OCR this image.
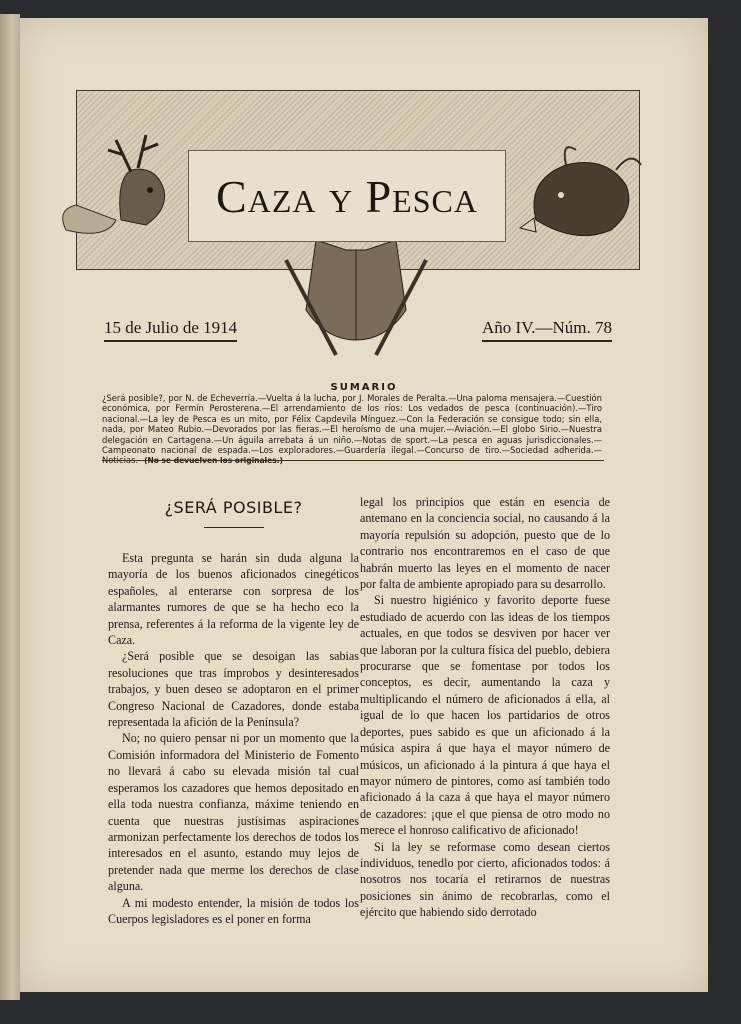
Caza y Pesca
15 de Julio de 1914	Año IV.—Núm. 78
SUMARIO
¿Será posible?, por N. de Echeverría.—Vuelta á la lucha, por J. Morales de Peralta.—Una paloma mensajera.—Cuestión económica, por Fermín Perosterena.—El arrendamiento de los ríos: Los vedados de pesca (continuación).—Tiro nacional.—La ley de Pesca es un mito, por Félix Capdevila Mínguez.—Con la Federación se consigue todo; sin ella, nada, por Mateo Rubio.—Devorados por las fieras.—El heroísmo de una mujer.—Aviación.—El globo Sirio.—Nuestra delegación en Cartagena.—Un águila arrebata á un niño.—Notas de sport.—La pesca en aguas jurisdiccionales.—Campeonato nacional de espada.—Los exploradores.—Guardería ilegal.—Concurso de tiro.—Sociedad adherida.—Noticias. (No se devuelven los originales.)
¿SERÁ POSIBLE?

Esta pregunta se harán sin duda alguna la mayoría de los buenos aficionados cinegéticos españoles, al enterarse con sorpresa de los alarmantes rumores de que se ha hecho eco la prensa, referentes á la reforma de la vigente ley de Caza.

¿Será posible que se desoigan las sabias resoluciones que tras ímprobos y desinteresados trabajos, y buen deseo se adoptaron en el primer Congreso Nacional de Cazadores, donde estaba representada la afición de la Península?

No; no quiero pensar ni por un momento que la Comisión informadora del Ministerio de Fomento no llevará á cabo su elevada misión tal cual esperamos los cazadores que hemos depositado en ella toda nuestra confianza, máxime teniendo en cuenta que nuestras justísimas aspiraciones armonizan perfectamente los derechos de todos los interesados en el asunto, estando muy lejos de pretender nada que merme los derechos de clase alguna.

A mi modesto entender, la misión de todos los Cuerpos legisladores es el poner en forma

legal los principios que están en esencia de antemano en la conciencia social, no causando á la mayoría repulsión su adopción, puesto que de lo contrario nos encontraremos en el caso de que habrán muerto las leyes en el momento de nacer por falta de ambiente apropiado para su desarrollo.

Si nuestro higiénico y favorito deporte fuese estudiado de acuerdo con las ideas de los tiempos actuales, en que todos se desviven por hacer ver que laboran por la cultura física del pueblo, debiera procurarse que se fomentase por todos los conceptos, es decir, aumentando la caza y multiplicando el número de aficionados á ella, al igual de lo que hacen los partidarios de otros deportes, pues sabido es que un aficionado á la música aspira á que haya el mayor número de músicos, un aficionado á la pintura á que haya el mayor número de pintores, como así también todo aficionado á la caza á que haya el mayor número de cazadores: ¡que el que piensa de otro modo no merece el honroso calificativo de aficionado!

Si la ley se reformase como desean ciertos individuos, tenedlo por cierto, aficionados todos: á nosotros nos tocaría el retirarnos de nuestras posiciones sin ánimo de recobrarlas, como el ejército que habiendo sido derrotado
